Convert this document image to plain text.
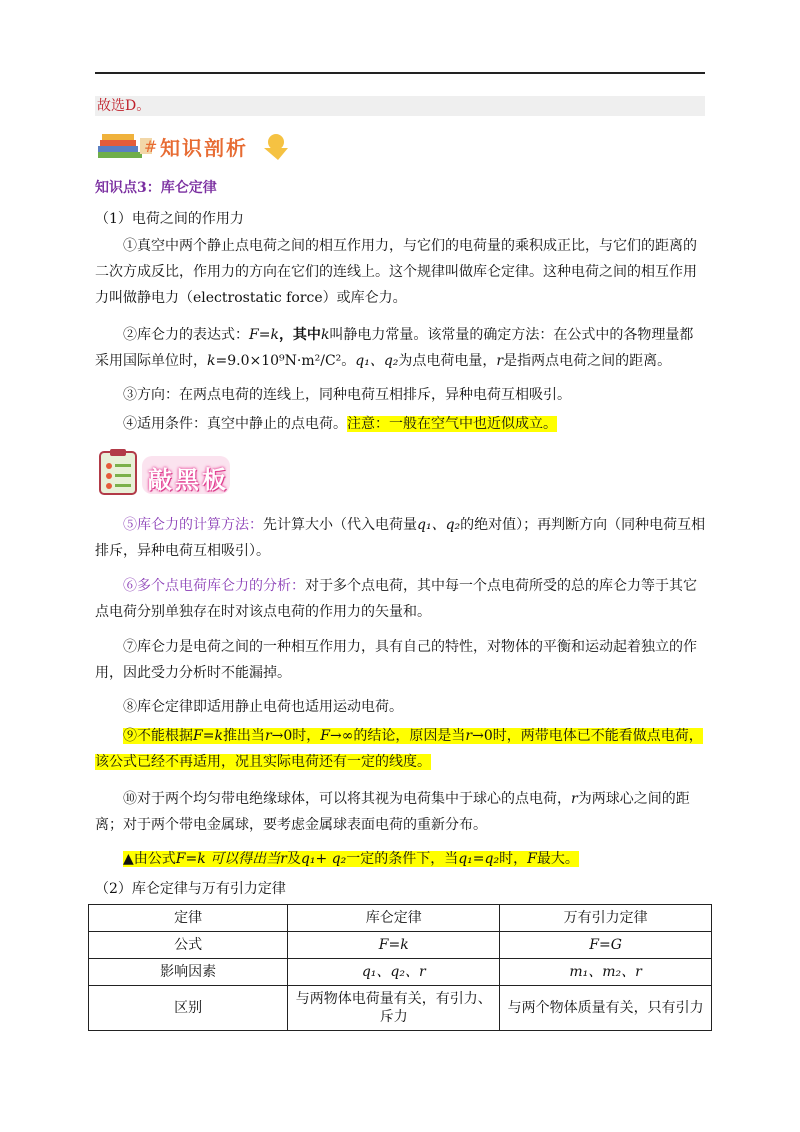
故选D。
# 知识剖析
知识点3：库仑定律
（1）电荷之间的作用力
①真空中两个静止点电荷之间的相互作用力，与它们的电荷量的乘积成正比，与它们的距离的二次方成反比，作用力的方向在它们的连线上。这个规律叫做库仑定律。这种电荷之间的相互作用力叫做静电力（electrostatic force）或库仑力。
②库仑力的表达式：F=k，其中k叫静电力常量。该常量的确定方法：在公式中的各物理量都采用国际单位时，k=9.0×10⁹N·m²/C²。q₁、q₂为点电荷电量，r是指两点电荷之间的距离。
③方向：在两点电荷的连线上，同种电荷互相排斥，异种电荷互相吸引。
④适用条件：真空中静止的点电荷。注意：一般在空气中也近似成立。
敲黑板
⑤库仑力的计算方法：先计算大小（代入电荷量q₁、q₂的绝对值）；再判断方向（同种电荷互相排斥，异种电荷互相吸引）。
⑥多个点电荷库仑力的分析：对于多个点电荷，其中每一个点电荷所受的总的库仑力等于其它点电荷分别单独存在时对该点电荷的作用力的矢量和。
⑦库仑力是电荷之间的一种相互作用力，具有自己的特性，对物体的平衡和运动起着独立的作用，因此受力分析时不能漏掉。
⑧库仑定律即适用静止电荷也适用运动电荷。
⑨不能根据F=k推出当r→0时，F→∞的结论，原因是当r→0时，两带电体已不能看做点电荷，该公式已经不再适用，况且实际电荷还有一定的线度。
⑩对于两个均匀带电绝缘球体，可以将其视为电荷集中于球心的点电荷，r为两球心之间的距离；对于两个带电金属球，要考虑金属球表面电荷的重新分布。
▲由公式F=k 可以得出当r及q₁+ q₂一定的条件下，当q₁=q₂时，F最大。
（2）库仑定律与万有引力定律
定律	库仑定律	万有引力定律
公式	F=k	F=G
影响因素	q₁、q₂、r	m₁、m₂、r
区别	与两物体电荷量有关，有引力、斥力	与两个物体质量有关，只有引力
